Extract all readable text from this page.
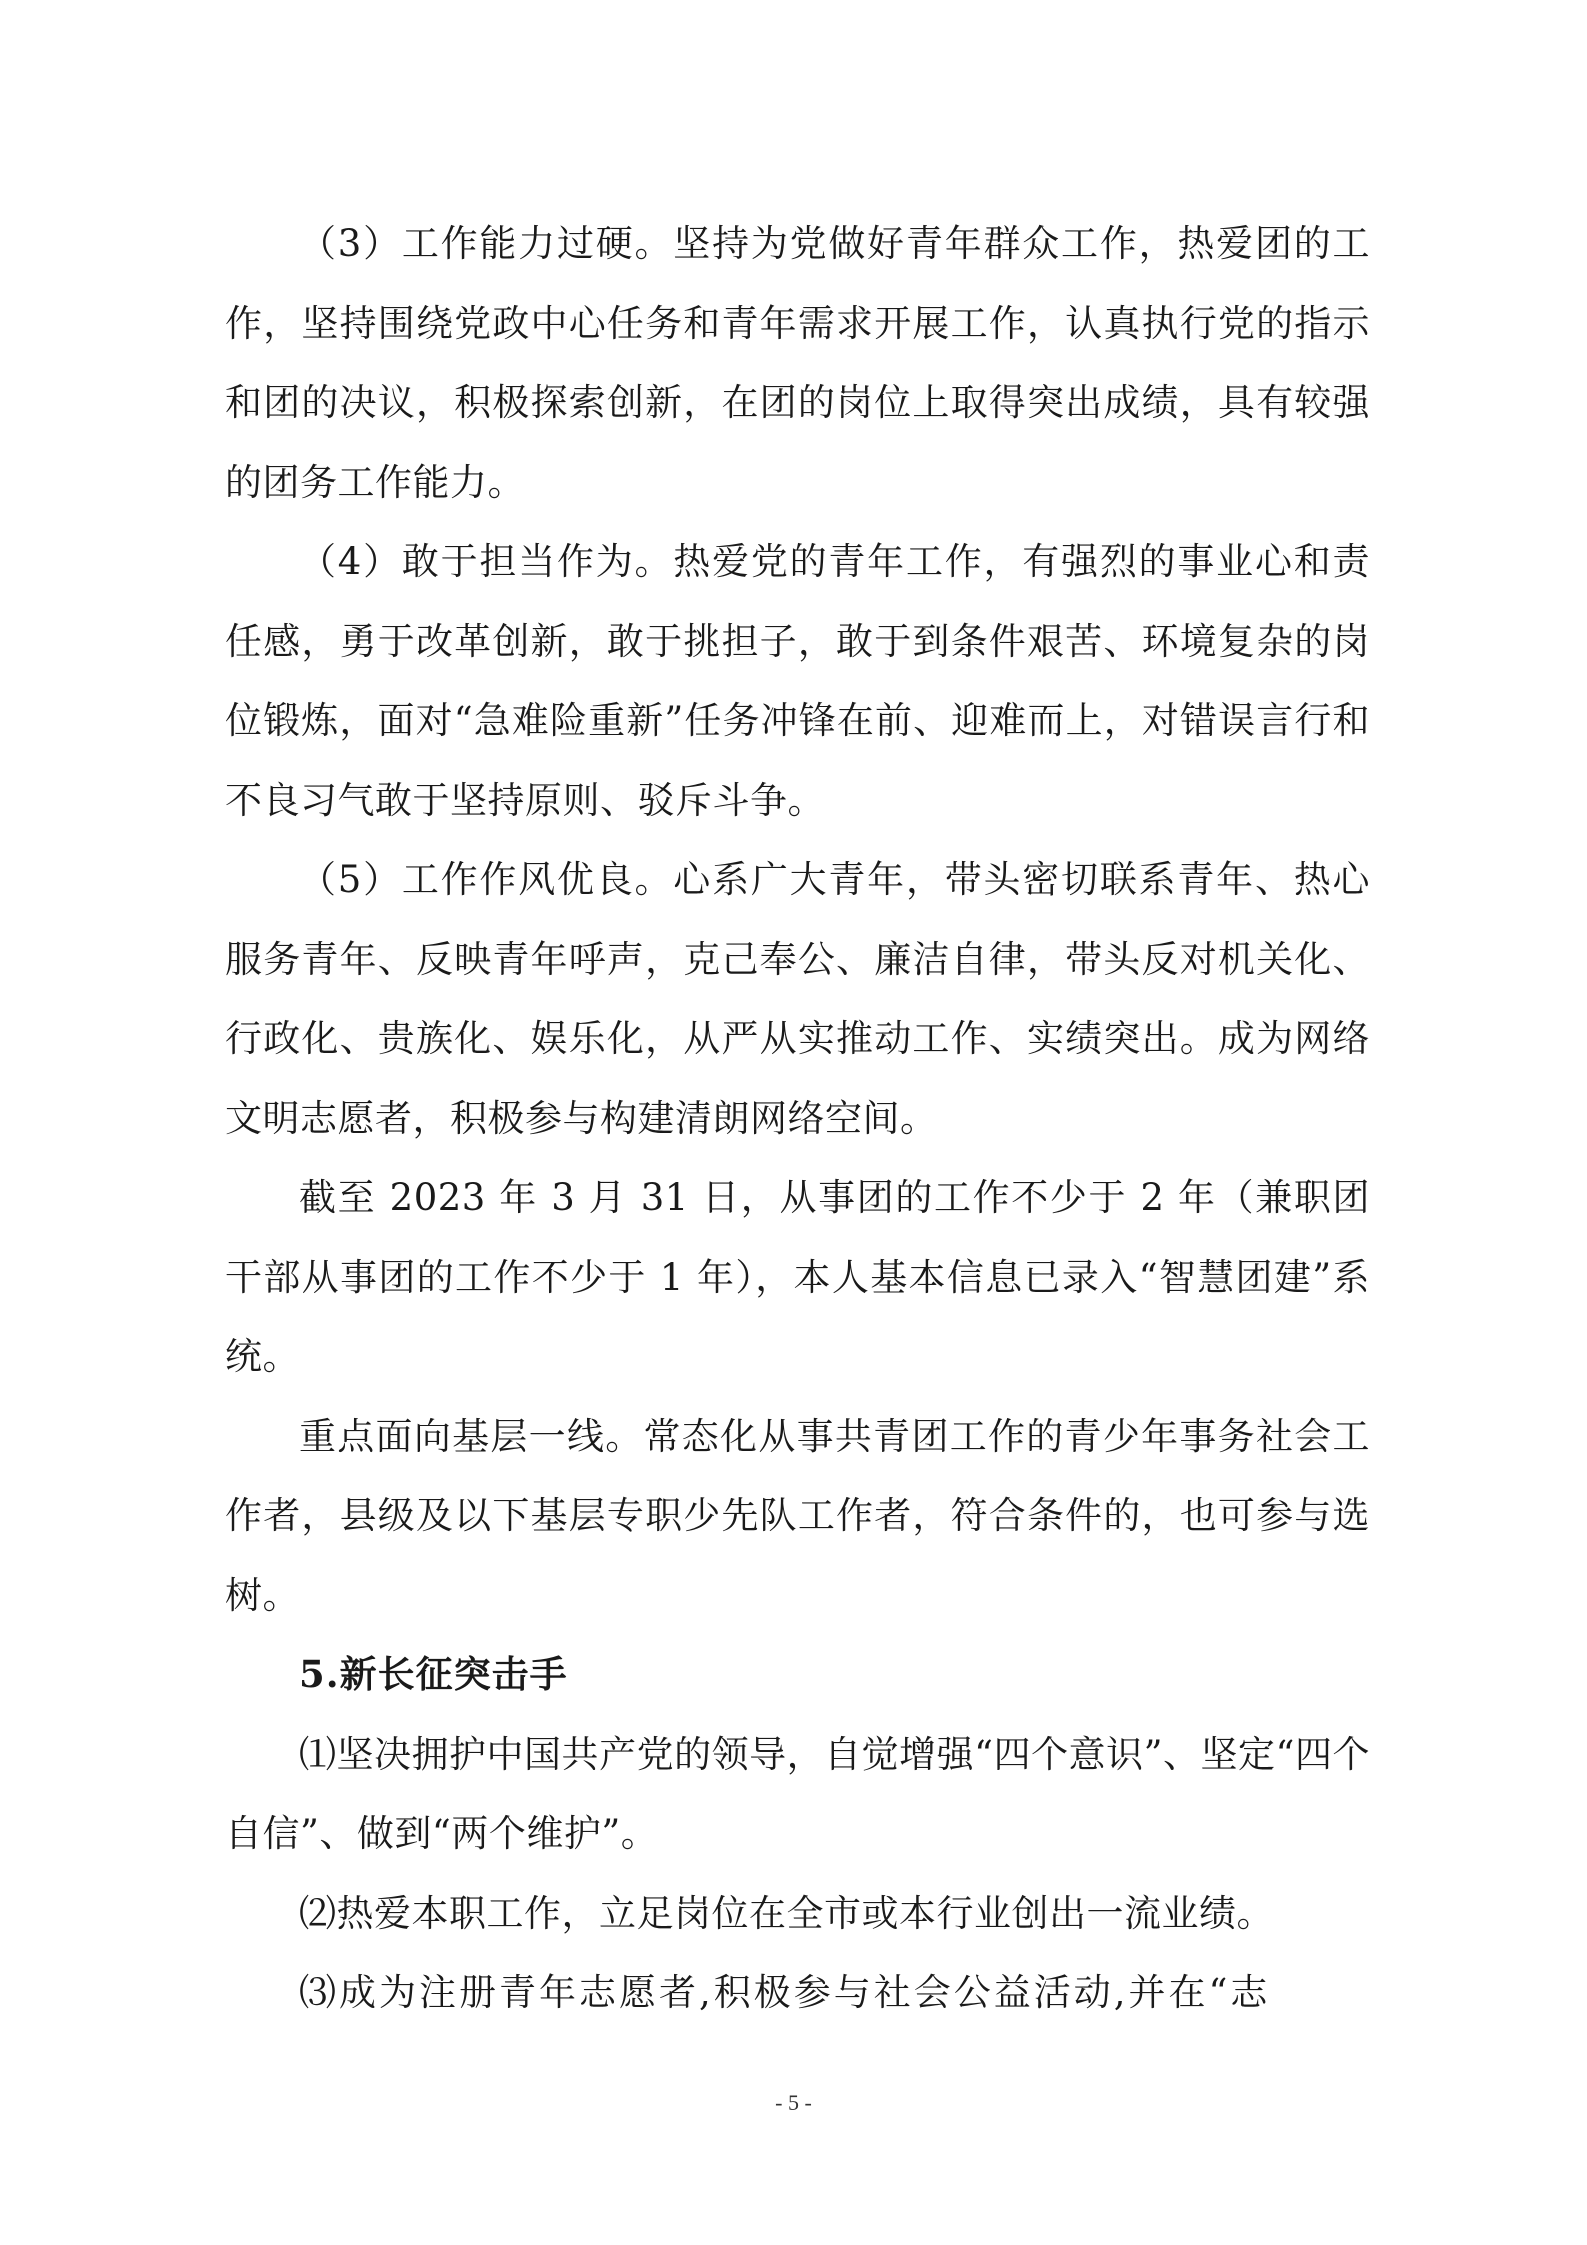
（3）工作能力过硬。坚持为党做好青年群众工作，热爱团的工作，坚持围绕党政中心任务和青年需求开展工作，认真执行党的指示和团的决议，积极探索创新，在团的岗位上取得突出成绩，具有较强的团务工作能力。

（4）敢于担当作为。热爱党的青年工作，有强烈的事业心和责任感，勇于改革创新，敢于挑担子，敢于到条件艰苦、环境复杂的岗位锻炼，面对“急难险重新”任务冲锋在前、迎难而上，对错误言行和不良习气敢于坚持原则、驳斥斗争。

（5）工作作风优良。心系广大青年，带头密切联系青年、热心服务青年、反映青年呼声，克己奉公、廉洁自律，带头反对机关化、行政化、贵族化、娱乐化，从严从实推动工作、实绩突出。成为网络文明志愿者，积极参与构建清朗网络空间。

截至 2023 年 3 月 31 日，从事团的工作不少于 2 年（兼职团干部从事团的工作不少于 1 年），本人基本信息已录入“智慧团建”系统。

重点面向基层一线。常态化从事共青团工作的青少年事务社会工作者，县级及以下基层专职少先队工作者，符合条件的，也可参与选树。

5.新长征突击手

⑴坚决拥护中国共产党的领导，自觉增强“四个意识”、坚定“四个自信”、做到“两个维护”。

⑵热爱本职工作，立足岗位在全市或本行业创出一流业绩。

⑶成为注册青年志愿者,积极参与社会公益活动,并在“志

- 5 -
